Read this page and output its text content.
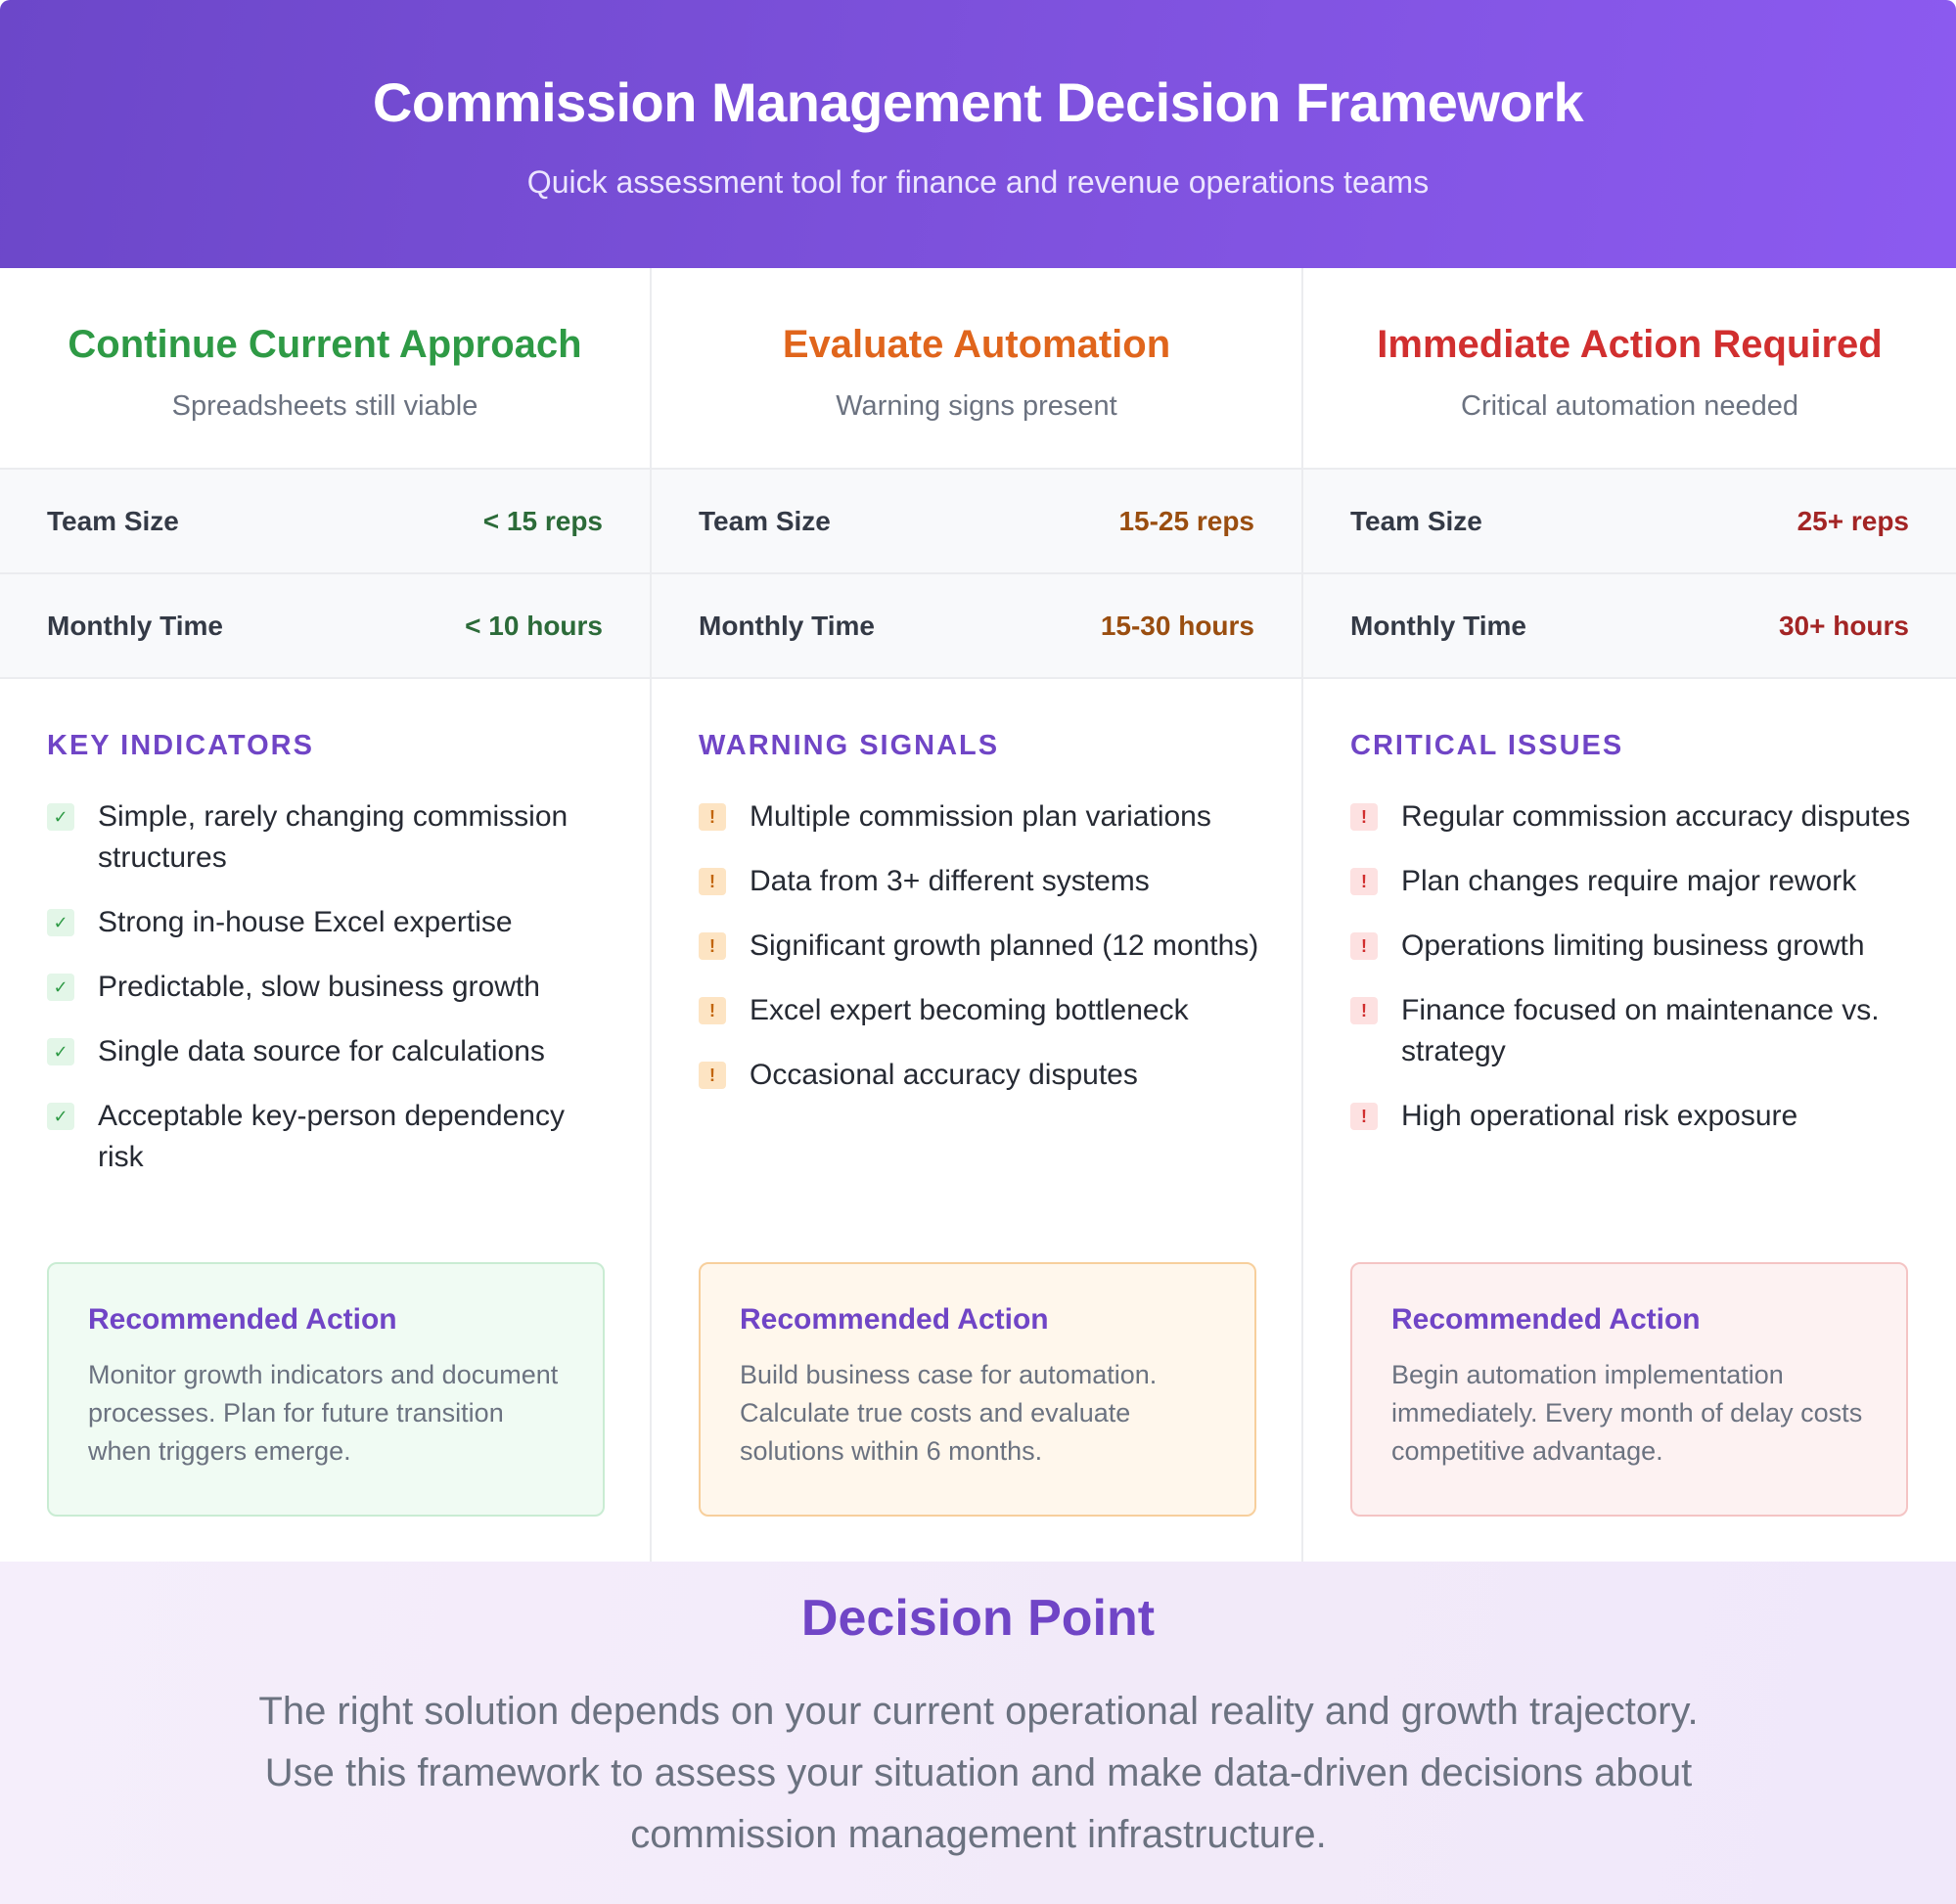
Commission Management Decision Framework
Quick assessment tool for finance and revenue operations teams
Continue Current Approach
Spreadsheets still viable
Team Size	< 15 reps
Monthly Time	< 10 hours
KEY INDICATORS
✓ Simple, rarely changing commission structures
✓ Strong in-house Excel expertise
✓ Predictable, slow business growth
✓ Single data source for calculations
✓ Acceptable key-person dependency risk
Recommended Action
Monitor growth indicators and document processes. Plan for future transition when triggers emerge.
Evaluate Automation
Warning signs present
Team Size	15-25 reps
Monthly Time	15-30 hours
WARNING SIGNALS
!	Multiple commission plan variations
!	Data from 3+ different systems
!	Significant growth planned (12 months)
!	Excel expert becoming bottleneck
!	Occasional accuracy disputes
Recommended Action
Build business case for automation. Calculate true costs and evaluate solutions within 6 months.
Immediate Action Required
Critical automation needed
Team Size	25+ reps
Monthly Time	30+ hours
CRITICAL ISSUES
!	Regular commission accuracy disputes
!	Plan changes require major rework
!	Operations limiting business growth
!	Finance focused on maintenance vs. strategy
!	High operational risk exposure
Recommended Action
Begin automation implementation immediately. Every month of delay costs competitive advantage.
Decision Point
The right solution depends on your current operational reality and growth trajectory. Use this framework to assess your situation and make data-driven decisions about commission management infrastructure.
